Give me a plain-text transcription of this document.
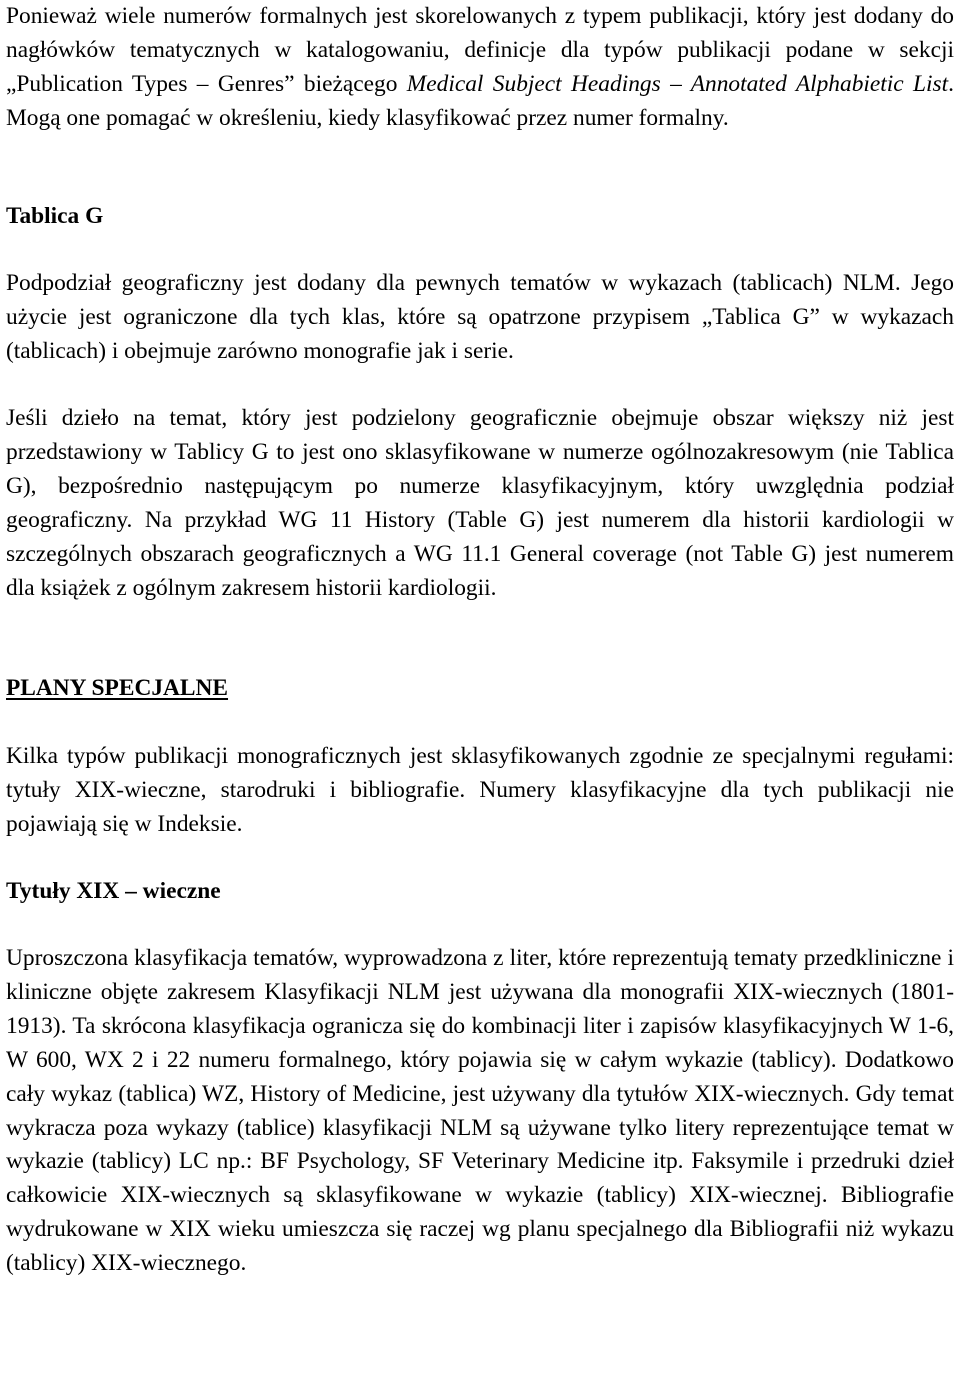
Ponieważ wiele numerów formalnych jest skorelowanych z typem publikacji, który jest dodany do nagłówków tematycznych w katalogowaniu, definicje dla typów publikacji podane w sekcji „Publication Types – Genres” bieżącego Medical Subject Headings – Annotated Alphabietic List. Mogą one pomagać w określeniu, kiedy klasyfikować przez numer formalny.

Tablica G

Podpodział geograficzny jest dodany dla pewnych tematów w wykazach (tablicach) NLM. Jego użycie jest ograniczone dla tych klas, które są opatrzone przypisem „Tablica G” w wykazach (tablicach) i obejmuje zarówno monografie jak i serie.

Jeśli dzieło na temat, który jest podzielony geograficznie obejmuje obszar większy niż jest przedstawiony w Tablicy G to jest ono sklasyfikowane w numerze ogólnozakresowym (nie Tablica G), bezpośrednio następującym po numerze klasyfikacyjnym, który uwzględnia podział geograficzny. Na przykład WG 11 History (Table G) jest numerem dla historii kardiologii w szczególnych obszarach geograficznych a WG 11.1 General coverage (not Table G) jest numerem dla książek z ogólnym zakresem historii kardiologii.

PLANY SPECJALNE

Kilka typów publikacji monograficznych jest sklasyfikowanych zgodnie ze specjalnymi regułami: tytuły XIX-wieczne, starodruki i bibliografie. Numery klasyfikacyjne dla tych publikacji nie pojawiają się w Indeksie.

Tytuły XIX – wieczne

Uproszczona klasyfikacja tematów, wyprowadzona z liter, które reprezentują tematy przedkliniczne i kliniczne objęte zakresem Klasyfikacji NLM jest używana dla monografii XIX-wiecznych (1801-1913). Ta skrócona klasyfikacja ogranicza się do kombinacji liter i zapisów klasyfikacyjnych W 1-6, W 600, WX 2 i 22 numeru formalnego, który pojawia się w całym wykazie (tablicy). Dodatkowo cały wykaz (tablica) WZ, History of Medicine, jest używany dla tytułów XIX-wiecznych. Gdy temat wykracza poza wykazy (tablice) klasyfikacji NLM są używane tylko litery reprezentujące temat w wykazie (tablicy) LC np.: BF Psychology, SF Veterinary Medicine itp. Faksymile i przedruki dzieł całkowicie XIX-wiecznych są sklasyfikowane w wykazie (tablicy) XIX-wiecznej. Bibliografie wydrukowane w XIX wieku umieszcza się raczej wg planu specjalnego dla Bibliografii niż wykazu (tablicy) XIX-wiecznego.
